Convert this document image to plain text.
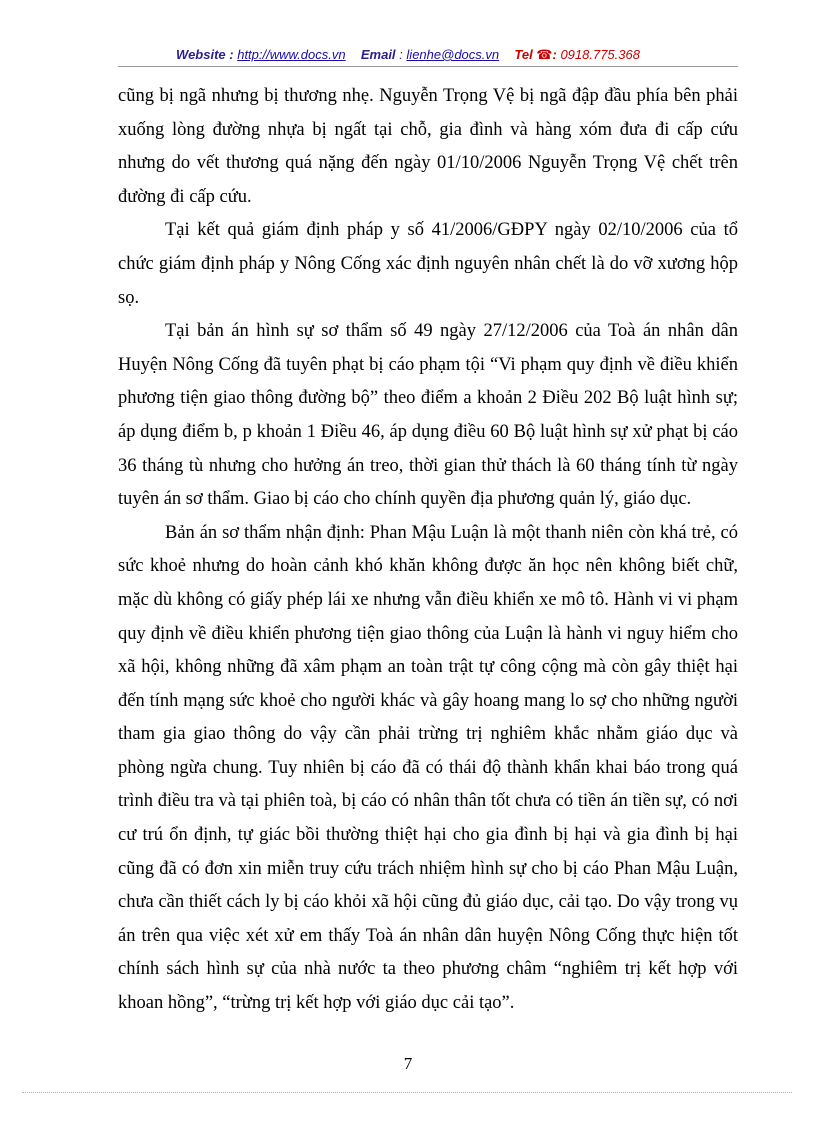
Website : http://www.docs.vn Email : lienhe@docs.vn Tel ☎: 0918.775.368

cũng bị ngã nhưng bị thương nhẹ. Nguyễn Trọng Vệ bị ngã đập đầu phía bên phải xuống lòng đường nhựa bị ngất tại chỗ, gia đình và hàng xóm đưa đi cấp cứu nhưng do vết thương quá nặng đến ngày 01/10/2006 Nguyễn Trọng Vệ chết trên đường đi cấp cứu.

Tại kết quả giám định pháp y số 41/2006/GĐPY ngày 02/10/2006 của tổ chức giám định pháp y Nông Cống xác định nguyên nhân chết là do vỡ xương hộp sọ.

Tại bản án hình sự sơ thẩm số 49 ngày 27/12/2006 của Toà án nhân dân Huyện Nông Cống đã tuyên phạt bị cáo phạm tội “Vi phạm quy định về điều khiển phương tiện giao thông đường bộ” theo điểm a khoản 2 Điều 202 Bộ luật hình sự; áp dụng điểm b, p khoản 1 Điều 46, áp dụng điều 60 Bộ luật hình sự xử phạt bị cáo 36 tháng tù nhưng cho hưởng án treo, thời gian thử thách là 60 tháng tính từ ngày tuyên án sơ thẩm. Giao bị cáo cho chính quyền địa phương quản lý, giáo dục.

Bản án sơ thẩm nhận định: Phan Mậu Luận là một thanh niên còn khá trẻ, có sức khoẻ nhưng do hoàn cảnh khó khăn không được ăn học nên không biết chữ, mặc dù không có giấy phép lái xe nhưng vẫn điều khiển xe mô tô. Hành vi vi phạm quy định về điều khiển phương tiện giao thông của Luận là hành vi nguy hiểm cho xã hội, không những đã xâm phạm an toàn trật tự công cộng mà còn gây thiệt hại đến tính mạng sức khoẻ cho người khác và gây hoang mang lo sợ cho những người tham gia giao thông do vậy cần phải trừng trị nghiêm khắc nhằm giáo dục và phòng ngừa chung. Tuy nhiên bị cáo đã có thái độ thành khẩn khai báo trong quá trình điều tra và tại phiên toà, bị cáo có nhân thân tốt chưa có tiền án tiền sự, có nơi cư trú ổn định, tự giác bồi thường thiệt hại cho gia đình bị hại và gia đình bị hại cũng đã có đơn xin miễn truy cứu trách nhiệm hình sự cho bị cáo Phan Mậu Luận, chưa cần thiết cách ly bị cáo khỏi xã hội cũng đủ giáo dục, cải tạo. Do vậy trong vụ án trên qua việc xét xử em thấy Toà án nhân dân huyện Nông Cống thực hiện tốt chính sách hình sự của nhà nước ta theo phương châm “nghiêm trị kết hợp với khoan hồng”, “trừng trị kết hợp với giáo dục cải tạo”.

7
